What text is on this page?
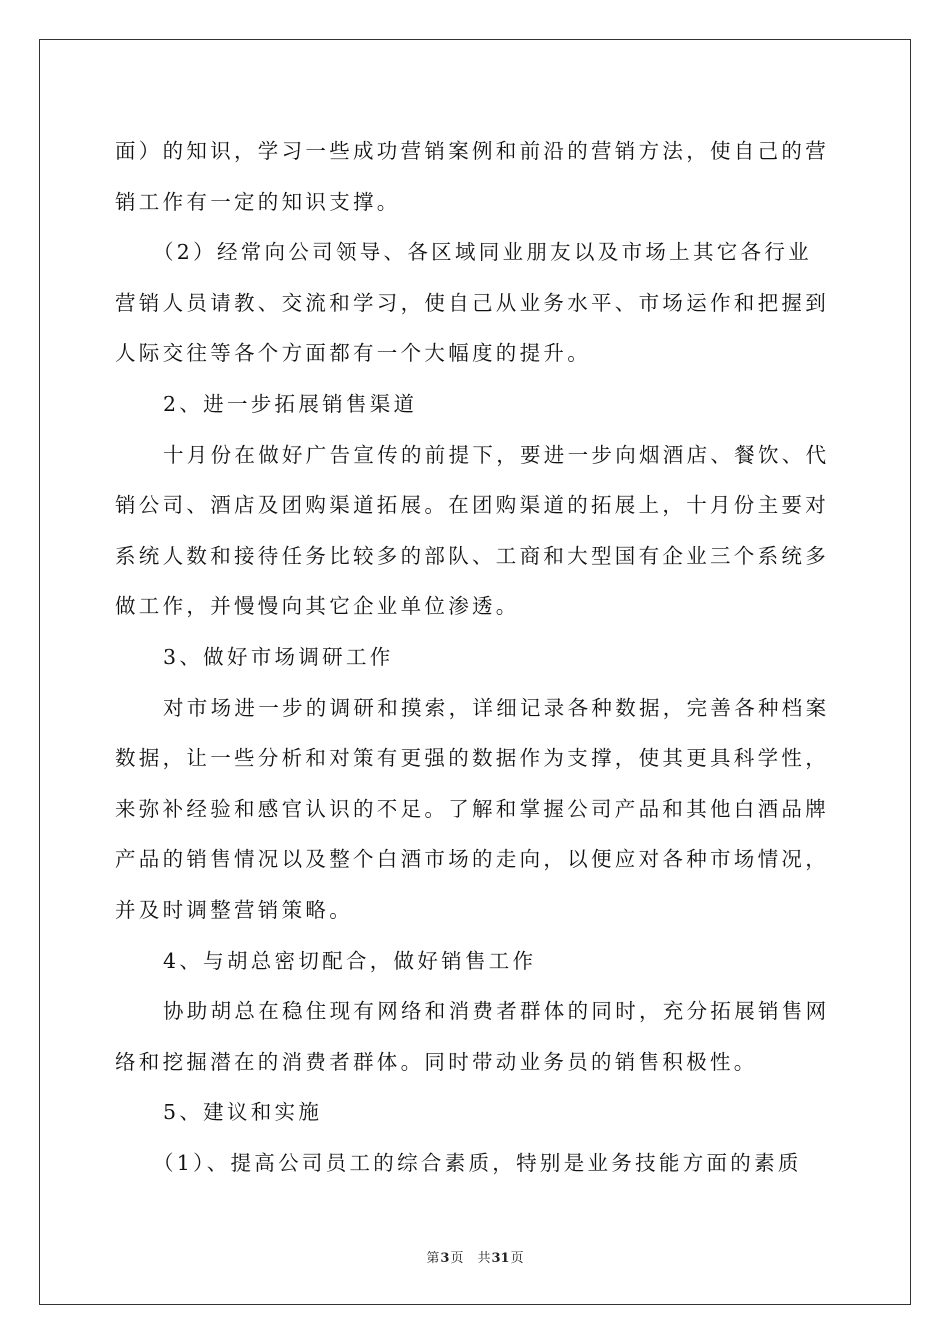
面）的知识，学习一些成功营销案例和前沿的营销方法，使自己的营
销工作有一定的知识支撑。
（2）经常向公司领导、各区域同业朋友以及市场上其它各行业
营销人员请教、交流和学习，使自己从业务水平、市场运作和把握到
人际交往等各个方面都有一个大幅度的提升。
2、进一步拓展销售渠道
十月份在做好广告宣传的前提下，要进一步向烟酒店、餐饮、代
销公司、酒店及团购渠道拓展。在团购渠道的拓展上，十月份主要对
系统人数和接待任务比较多的部队、工商和大型国有企业三个系统多
做工作，并慢慢向其它企业单位渗透。
3、做好市场调研工作
对市场进一步的调研和摸索，详细记录各种数据，完善各种档案
数据，让一些分析和对策有更强的数据作为支撑，使其更具科学性，
来弥补经验和感官认识的不足。了解和掌握公司产品和其他白酒品牌
产品的销售情况以及整个白酒市场的走向，以便应对各种市场情况，
并及时调整营销策略。
4、与胡总密切配合，做好销售工作
协助胡总在稳住现有网络和消费者群体的同时，充分拓展销售网
络和挖掘潜在的消费者群体。同时带动业务员的销售积极性。
5、建议和实施
（1）、提高公司员工的综合素质，特别是业务技能方面的素质
第3页 共31页
